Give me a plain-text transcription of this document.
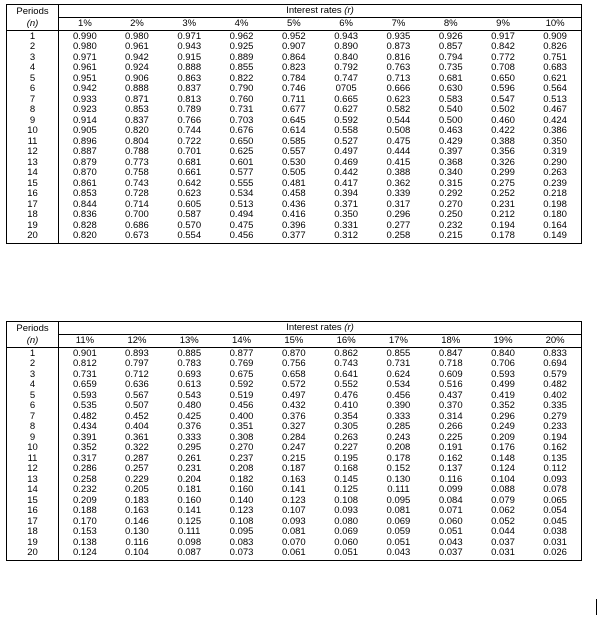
Periods	Interest rates (r)									
(n)	1%	2%	3%	4%	5%	6%	7%	8%	9%	10%
1	0.990	0.980	0.971	0.962	0.952	0.943	0.935	0.926	0.917	0.909
2	0.980	0.961	0.943	0.925	0.907	0.890	0.873	0.857	0.842	0.826
3	0.971	0.942	0.915	0.889	0.864	0.840	0.816	0.794	0.772	0.751
4	0.961	0.924	0.888	0.855	0.823	0.792	0.763	0.735	0.708	0.683
5	0.951	0.906	0.863	0.822	0.784	0.747	0.713	0.681	0.650	0.621
6	0.942	0.888	0.837	0.790	0.746	0705	0.666	0.630	0.596	0.564
7	0.933	0.871	0.813	0.760	0.711	0.665	0.623	0.583	0.547	0.513
8	0.923	0.853	0.789	0.731	0.677	0.627	0.582	0.540	0.502	0.467
9	0.914	0.837	0.766	0.703	0.645	0.592	0.544	0.500	0.460	0.424
10	0.905	0.820	0.744	0.676	0.614	0.558	0.508	0.463	0.422	0.386
11	0.896	0.804	0.722	0.650	0.585	0.527	0.475	0.429	0.388	0.350
12	0.887	0.788	0.701	0.625	0.557	0.497	0.444	0.397	0.356	0.319
13	0.879	0.773	0.681	0.601	0.530	0.469	0.415	0.368	0.326	0.290
14	0.870	0.758	0.661	0.577	0.505	0.442	0.388	0.340	0.299	0.263
15	0.861	0.743	0.642	0.555	0.481	0.417	0.362	0.315	0.275	0.239
16	0.853	0.728	0.623	0.534	0.458	0.394	0.339	0.292	0.252	0.218
17	0.844	0.714	0.605	0.513	0.436	0.371	0.317	0.270	0.231	0.198
18	0.836	0.700	0.587	0.494	0.416	0.350	0.296	0.250	0.212	0.180
19	0.828	0.686	0.570	0.475	0.396	0.331	0.277	0.232	0.194	0.164
20	0.820	0.673	0.554	0.456	0.377	0.312	0.258	0.215	0.178	0.149
Periods	Interest rates (r)									
(n)	11%	12%	13%	14%	15%	16%	17%	18%	19%	20%
1	0.901	0.893	0.885	0.877	0.870	0.862	0.855	0.847	0.840	0.833
2	0.812	0.797	0.783	0.769	0.756	0.743	0.731	0.718	0.706	0.694
3	0.731	0.712	0.693	0.675	0.658	0.641	0.624	0.609	0.593	0.579
4	0.659	0.636	0.613	0.592	0.572	0.552	0.534	0.516	0.499	0.482
5	0.593	0.567	0.543	0.519	0.497	0.476	0.456	0.437	0.419	0.402
6	0.535	0.507	0.480	0.456	0.432	0.410	0.390	0.370	0.352	0.335
7	0.482	0.452	0.425	0.400	0.376	0.354	0.333	0.314	0.296	0.279
8	0.434	0.404	0.376	0.351	0.327	0.305	0.285	0.266	0.249	0.233
9	0.391	0.361	0.333	0.308	0.284	0.263	0.243	0.225	0.209	0.194
10	0.352	0.322	0.295	0.270	0.247	0.227	0.208	0.191	0.176	0.162
11	0.317	0.287	0.261	0.237	0.215	0.195	0.178	0.162	0.148	0.135
12	0.286	0.257	0.231	0.208	0.187	0.168	0.152	0.137	0.124	0.112
13	0.258	0.229	0.204	0.182	0.163	0.145	0.130	0.116	0.104	0.093
14	0.232	0.205	0.181	0.160	0.141	0.125	0.111	0.099	0.088	0.078
15	0.209	0.183	0.160	0.140	0.123	0.108	0.095	0.084	0.079	0.065
16	0.188	0.163	0.141	0.123	0.107	0.093	0.081	0.071	0.062	0.054
17	0.170	0.146	0.125	0.108	0.093	0.080	0.069	0.060	0.052	0.045
18	0.153	0.130	0.111	0.095	0.081	0.069	0.059	0.051	0.044	0.038
19	0.138	0.116	0.098	0.083	0.070	0.060	0.051	0.043	0.037	0.031
20	0.124	0.104	0.087	0.073	0.061	0.051	0.043	0.037	0.031	0.026
